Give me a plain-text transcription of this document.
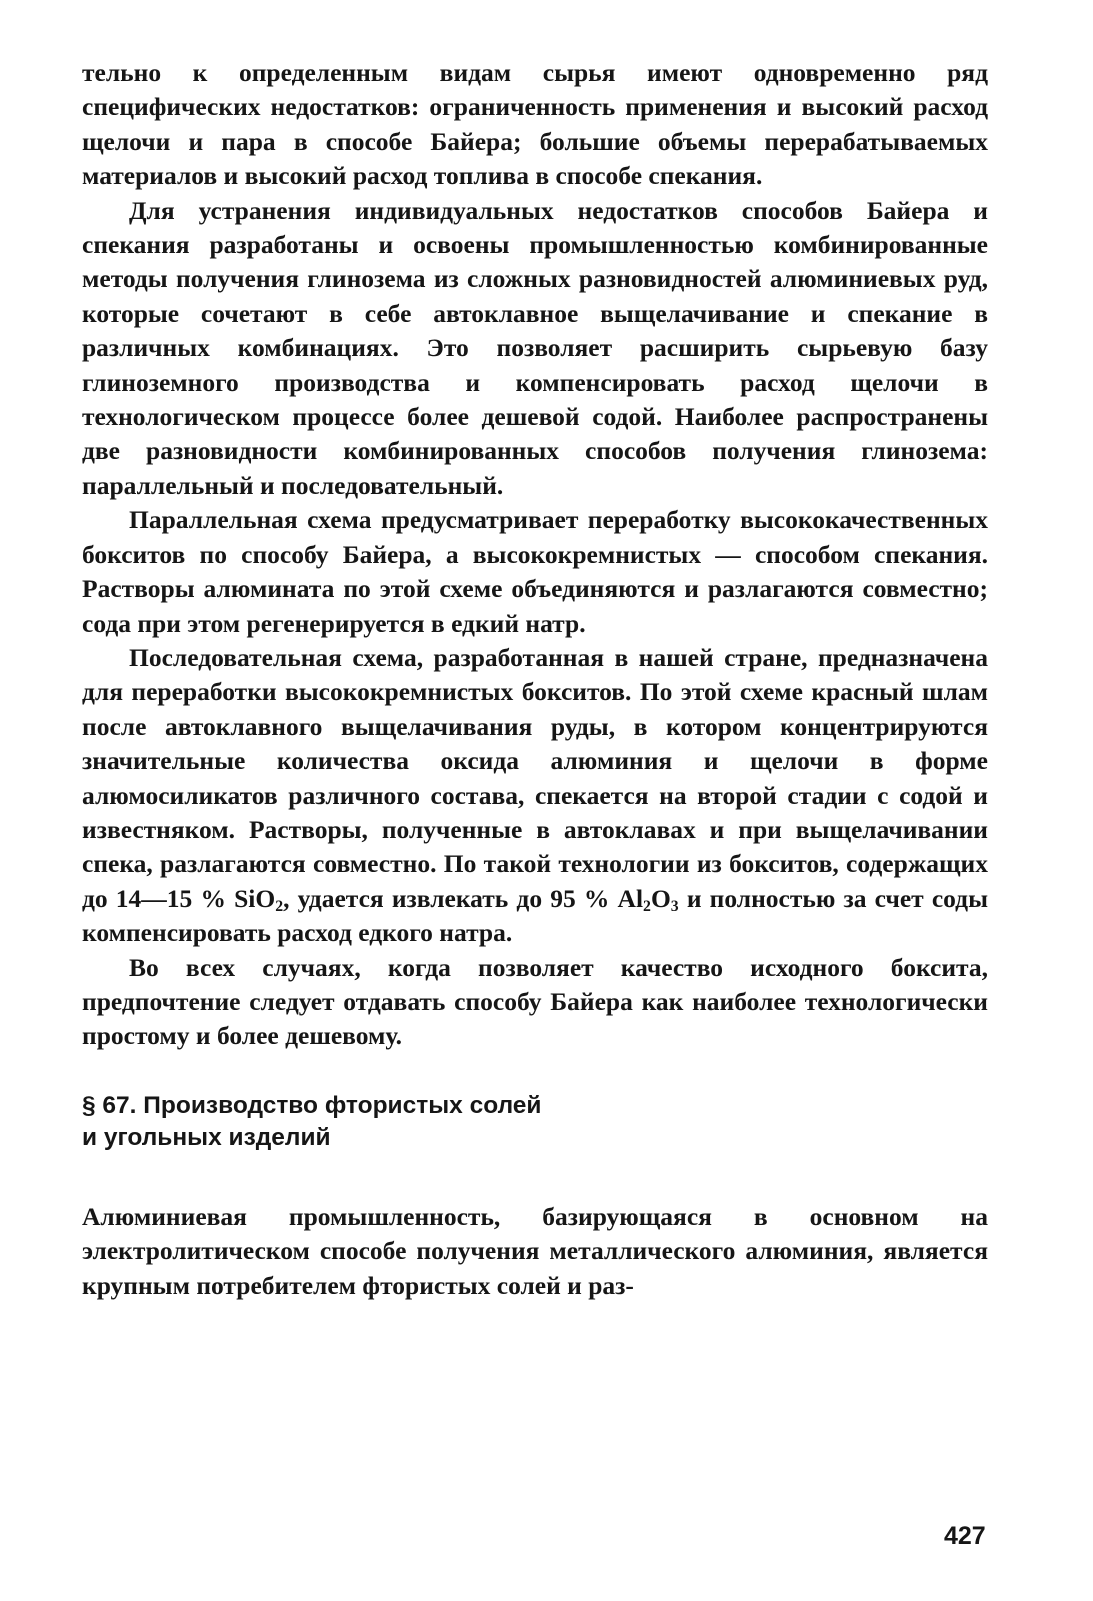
тельно к определенным видам сырья имеют одновременно ряд специфических недостатков: ограниченность применения и высокий расход щелочи и пара в способе Байера; большие объемы перерабатываемых материалов и высокий расход топлива в способе спекания.

Для устранения индивидуальных недостатков способов Байера и спекания разработаны и освоены промышленностью комбинированные методы получения глинозема из сложных разновидностей алюминиевых руд, которые сочетают в себе автоклавное выщелачивание и спекание в различных комбинациях. Это позволяет расширить сырьевую базу глиноземного производства и компенсировать расход щелочи в технологическом процессе более дешевой содой. Наиболее распространены две разновидности комбинированных способов получения глинозема: параллельный и последовательный.

Параллельная схема предусматривает переработку высококачественных бокситов по способу Байера, а высококремнистых — способом спекания. Растворы алюмината по этой схеме объединяются и разлагаются совместно; сода при этом регенерируется в едкий натр.

Последовательная схема, разработанная в нашей стране, предназначена для переработки высококремнистых бокситов. По этой схеме красный шлам после автоклавного выщелачивания руды, в котором концентрируются значительные количества оксида алюминия и щелочи в форме алюмосиликатов различного состава, спекается на второй стадии с содой и известняком. Растворы, полученные в автоклавах и при выщелачивании спека, разлагаются совместно. По такой технологии из бокситов, содержащих до 14—15 % SiO$_2$, удается извлекать до 95 % $Al_2O_3$ и полностью за счет соды компенсировать расход едкого натра.

Во всех случаях, когда позволяет качество исходного боксита, предпочтение следует отдавать способу Байера как наиболее технологически простому и более дешевому.

§ 67. Производство фтористых солей
и угольных изделий

Алюминиевая промышленность, базирующаяся в основном на электролитическом способе получения металлического алюминия, является крупным потребителем фтористых солей и раз-

427
